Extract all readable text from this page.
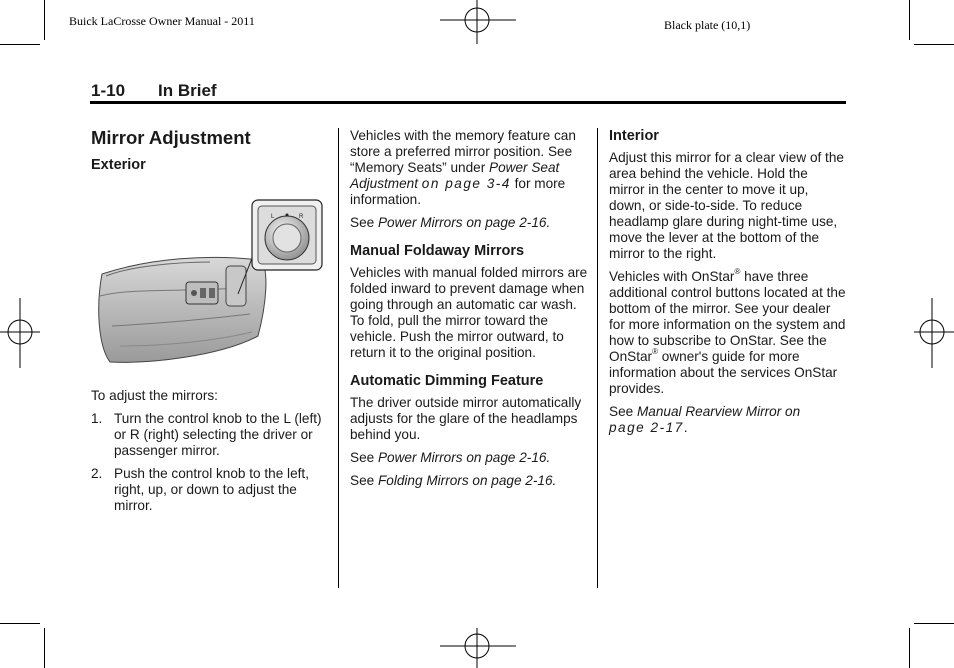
Buick LaCrosse Owner Manual - 2011	Black plate (10,1)
1-10 In Brief
Mirror Adjustment
Exterior
L	R

To adjust the mirrors:

1. Turn the control knob to the L (left) or R (right) selecting the driver or passenger mirror.
2. Push the control knob to the left, right, up, or down to adjust the mirror.

Vehicles with the memory feature can store a preferred mirror position. See “Memory Seats” under Power Seat Adjustment on page 3-4 for more information.

See Power Mirrors on page 2-16.

Manual Foldaway Mirrors

Vehicles with manual folded mirrors are folded inward to prevent damage when going through an automatic car wash. To fold, pull the mirror toward the vehicle. Push the mirror outward, to return it to the original position.

Automatic Dimming Feature

The driver outside mirror automatically adjusts for the glare of the headlamps behind you.

See Power Mirrors on page 2-16.

See Folding Mirrors on page 2-16.

Interior

Adjust this mirror for a clear view of the area behind the vehicle. Hold the mirror in the center to move it up, down, or side-to-side. To reduce headlamp glare during night-time use, move the lever at the bottom of the mirror to the right.

Vehicles with OnStar® have three additional control buttons located at the bottom of the mirror. See your dealer for more information on the system and how to subscribe to OnStar. See the OnStar® owner's guide for more information about the services OnStar provides.

See Manual Rearview Mirror on
page 2-17.
